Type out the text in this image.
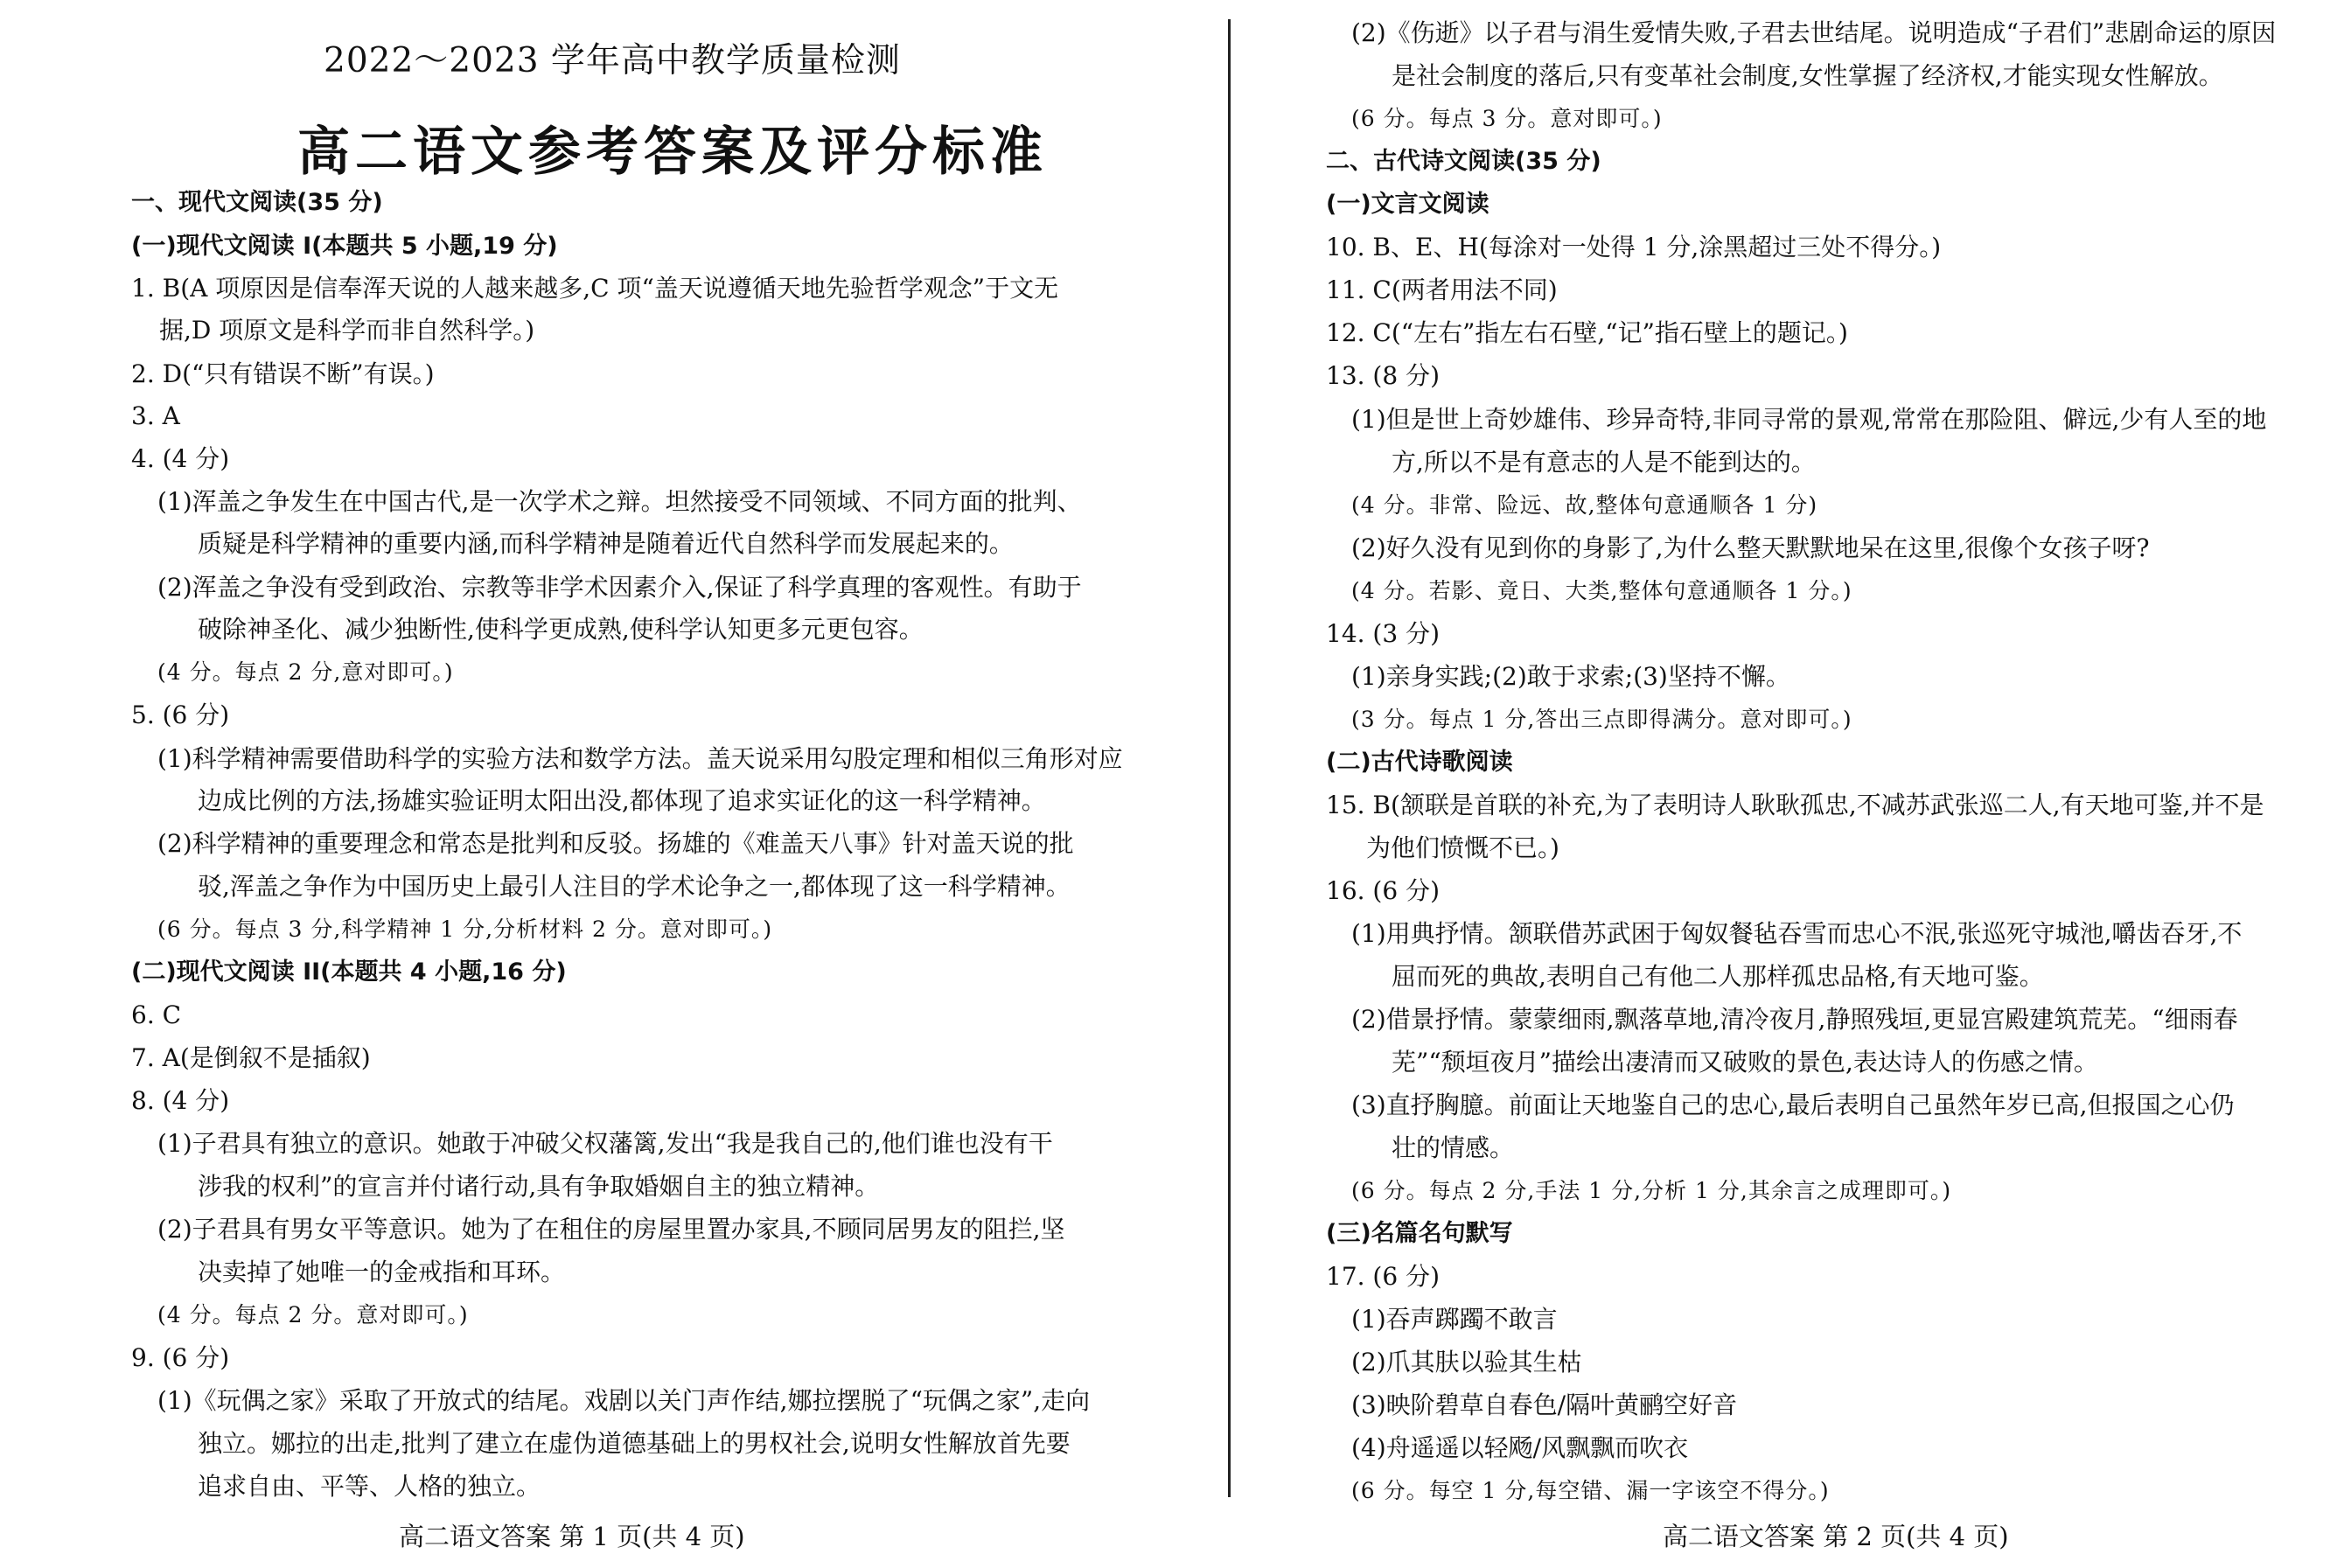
2022～2023 学年高中教学质量检测
高二语文参考答案及评分标准
高二语文答案 第 1 页(共 4 页)	高二语文答案 第 2 页(共 4 页)
一、现代文阅读(35 分)
(一)现代文阅读 I(本题共 5 小题,19 分)
1. B(A 项原因是信奉浑天说的人越来越多,C 项“盖天说遵循天地先验哲学观念”于文无
据,D 项原文是科学而非自然科学。)
2. D(“只有错误不断”有误。)
3. A
4. (4 分)
(1)浑盖之争发生在中国古代,是一次学术之辩。坦然接受不同领域、不同方面的批判、
质疑是科学精神的重要内涵,而科学精神是随着近代自然科学而发展起来的。
(2)浑盖之争没有受到政治、宗教等非学术因素介入,保证了科学真理的客观性。有助于
破除神圣化、减少独断性,使科学更成熟,使科学认知更多元更包容。
(4 分。每点 2 分,意对即可。)
5. (6 分)
(1)科学精神需要借助科学的实验方法和数学方法。盖天说采用勾股定理和相似三角形对应
边成比例的方法,扬雄实验证明太阳出没,都体现了追求实证化的这一科学精神。
(2)科学精神的重要理念和常态是批判和反驳。扬雄的《难盖天八事》针对盖天说的批
驳,浑盖之争作为中国历史上最引人注目的学术论争之一,都体现了这一科学精神。
(6 分。每点 3 分,科学精神 1 分,分析材料 2 分。意对即可。)
(二)现代文阅读 II(本题共 4 小题,16 分)
6. C
7. A(是倒叙不是插叙)
8. (4 分)
(1)子君具有独立的意识。她敢于冲破父权藩篱,发出“我是我自己的,他们谁也没有干
涉我的权利”的宣言并付诸行动,具有争取婚姻自主的独立精神。
(2)子君具有男女平等意识。她为了在租住的房屋里置办家具,不顾同居男友的阻拦,坚
决卖掉了她唯一的金戒指和耳环。
(4 分。每点 2 分。意对即可。)
9. (6 分)
(1)《玩偶之家》采取了开放式的结尾。戏剧以关门声作结,娜拉摆脱了“玩偶之家”,走向
独立。娜拉的出走,批判了建立在虚伪道德基础上的男权社会,说明女性解放首先要
追求自由、平等、人格的独立。
(2)《伤逝》以子君与涓生爱情失败,子君去世结尾。说明造成“子君们”悲剧命运的原因
是社会制度的落后,只有变革社会制度,女性掌握了经济权,才能实现女性解放。
(6 分。每点 3 分。意对即可。)
二、古代诗文阅读(35 分)
(一)文言文阅读
10. B、E、H(每涂对一处得 1 分,涂黑超过三处不得分。)
11. C(两者用法不同)
12. C(“左右”指左右石壁,“记”指石壁上的题记。)
13. (8 分)
(1)但是世上奇妙雄伟、珍异奇特,非同寻常的景观,常常在那险阻、僻远,少有人至的地
方,所以不是有意志的人是不能到达的。
(4 分。非常、险远、故,整体句意通顺各 1 分)
(2)好久没有见到你的身影了,为什么整天默默地呆在这里,很像个女孩子呀?
(4 分。若影、竟日、大类,整体句意通顺各 1 分。)
14. (3 分)
(1)亲身实践;(2)敢于求索;(3)坚持不懈。
(3 分。每点 1 分,答出三点即得满分。意对即可。)
(二)古代诗歌阅读
15. B(颔联是首联的补充,为了表明诗人耿耿孤忠,不减苏武张巡二人,有天地可鉴,并不是
为他们愤慨不已。)
16. (6 分)
(1)用典抒情。颔联借苏武困于匈奴餐毡吞雪而忠心不泯,张巡死守城池,嚼齿吞牙,不
屈而死的典故,表明自己有他二人那样孤忠品格,有天地可鉴。
(2)借景抒情。蒙蒙细雨,飘落草地,清冷夜月,静照残垣,更显宫殿建筑荒芜。“细雨春
芜”“颓垣夜月”描绘出凄清而又破败的景色,表达诗人的伤感之情。
(3)直抒胸臆。前面让天地鉴自己的忠心,最后表明自己虽然年岁已高,但报国之心仍
壮的情感。
(6 分。每点 2 分,手法 1 分,分析 1 分,其余言之成理即可。)
(三)名篇名句默写
17. (6 分)
(1)吞声踯躅不敢言
(2)爪其肤以验其生枯
(3)映阶碧草自春色/隔叶黄鹂空好音
(4)舟遥遥以轻飏/风飘飘而吹衣
(6 分。每空 1 分,每空错、漏一字该空不得分。)
